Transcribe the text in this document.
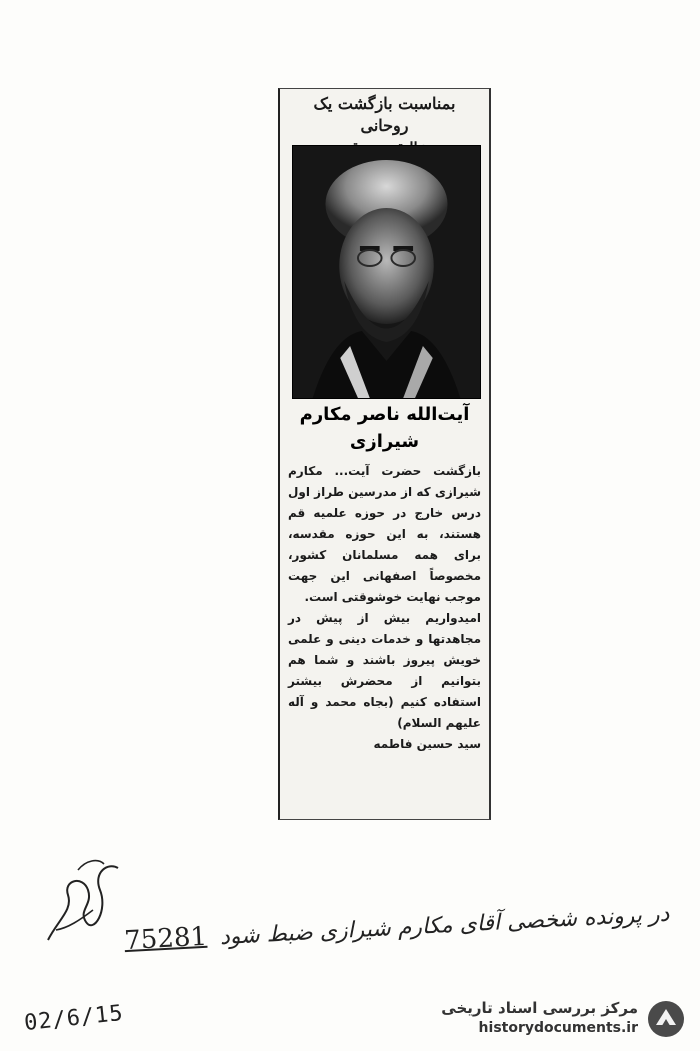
بمناسبت بازگشت یک روحانی
آیت‌الله ناصر مکارم
شیرازی

بازگشت حضرت آیت... مکارم شیرازی که از مدرسین طراز اول درس خارج در حوزه علمیه قم هستند، به این حوزه مقدسه، برای همه مسلمانان کشور، مخصوصاً اصفهانی این جهت موجب نهایت خوشوقتی است.

امیدواریم بیش از پیش در مجاهدتها و خدمات دینی و علمی خویش پیروز باشند و شما هم بتوانیم از محضرش بیشتر استفاده کنیم (بجاه محمد و آله علیهم السلام)

سید حسین فاطمه

در پرونده شخصی آقای مکارم شیرازی ضبط شود 75281
02/6/15	مرکز بررسی اسناد تاریخی
historydocuments.ir
